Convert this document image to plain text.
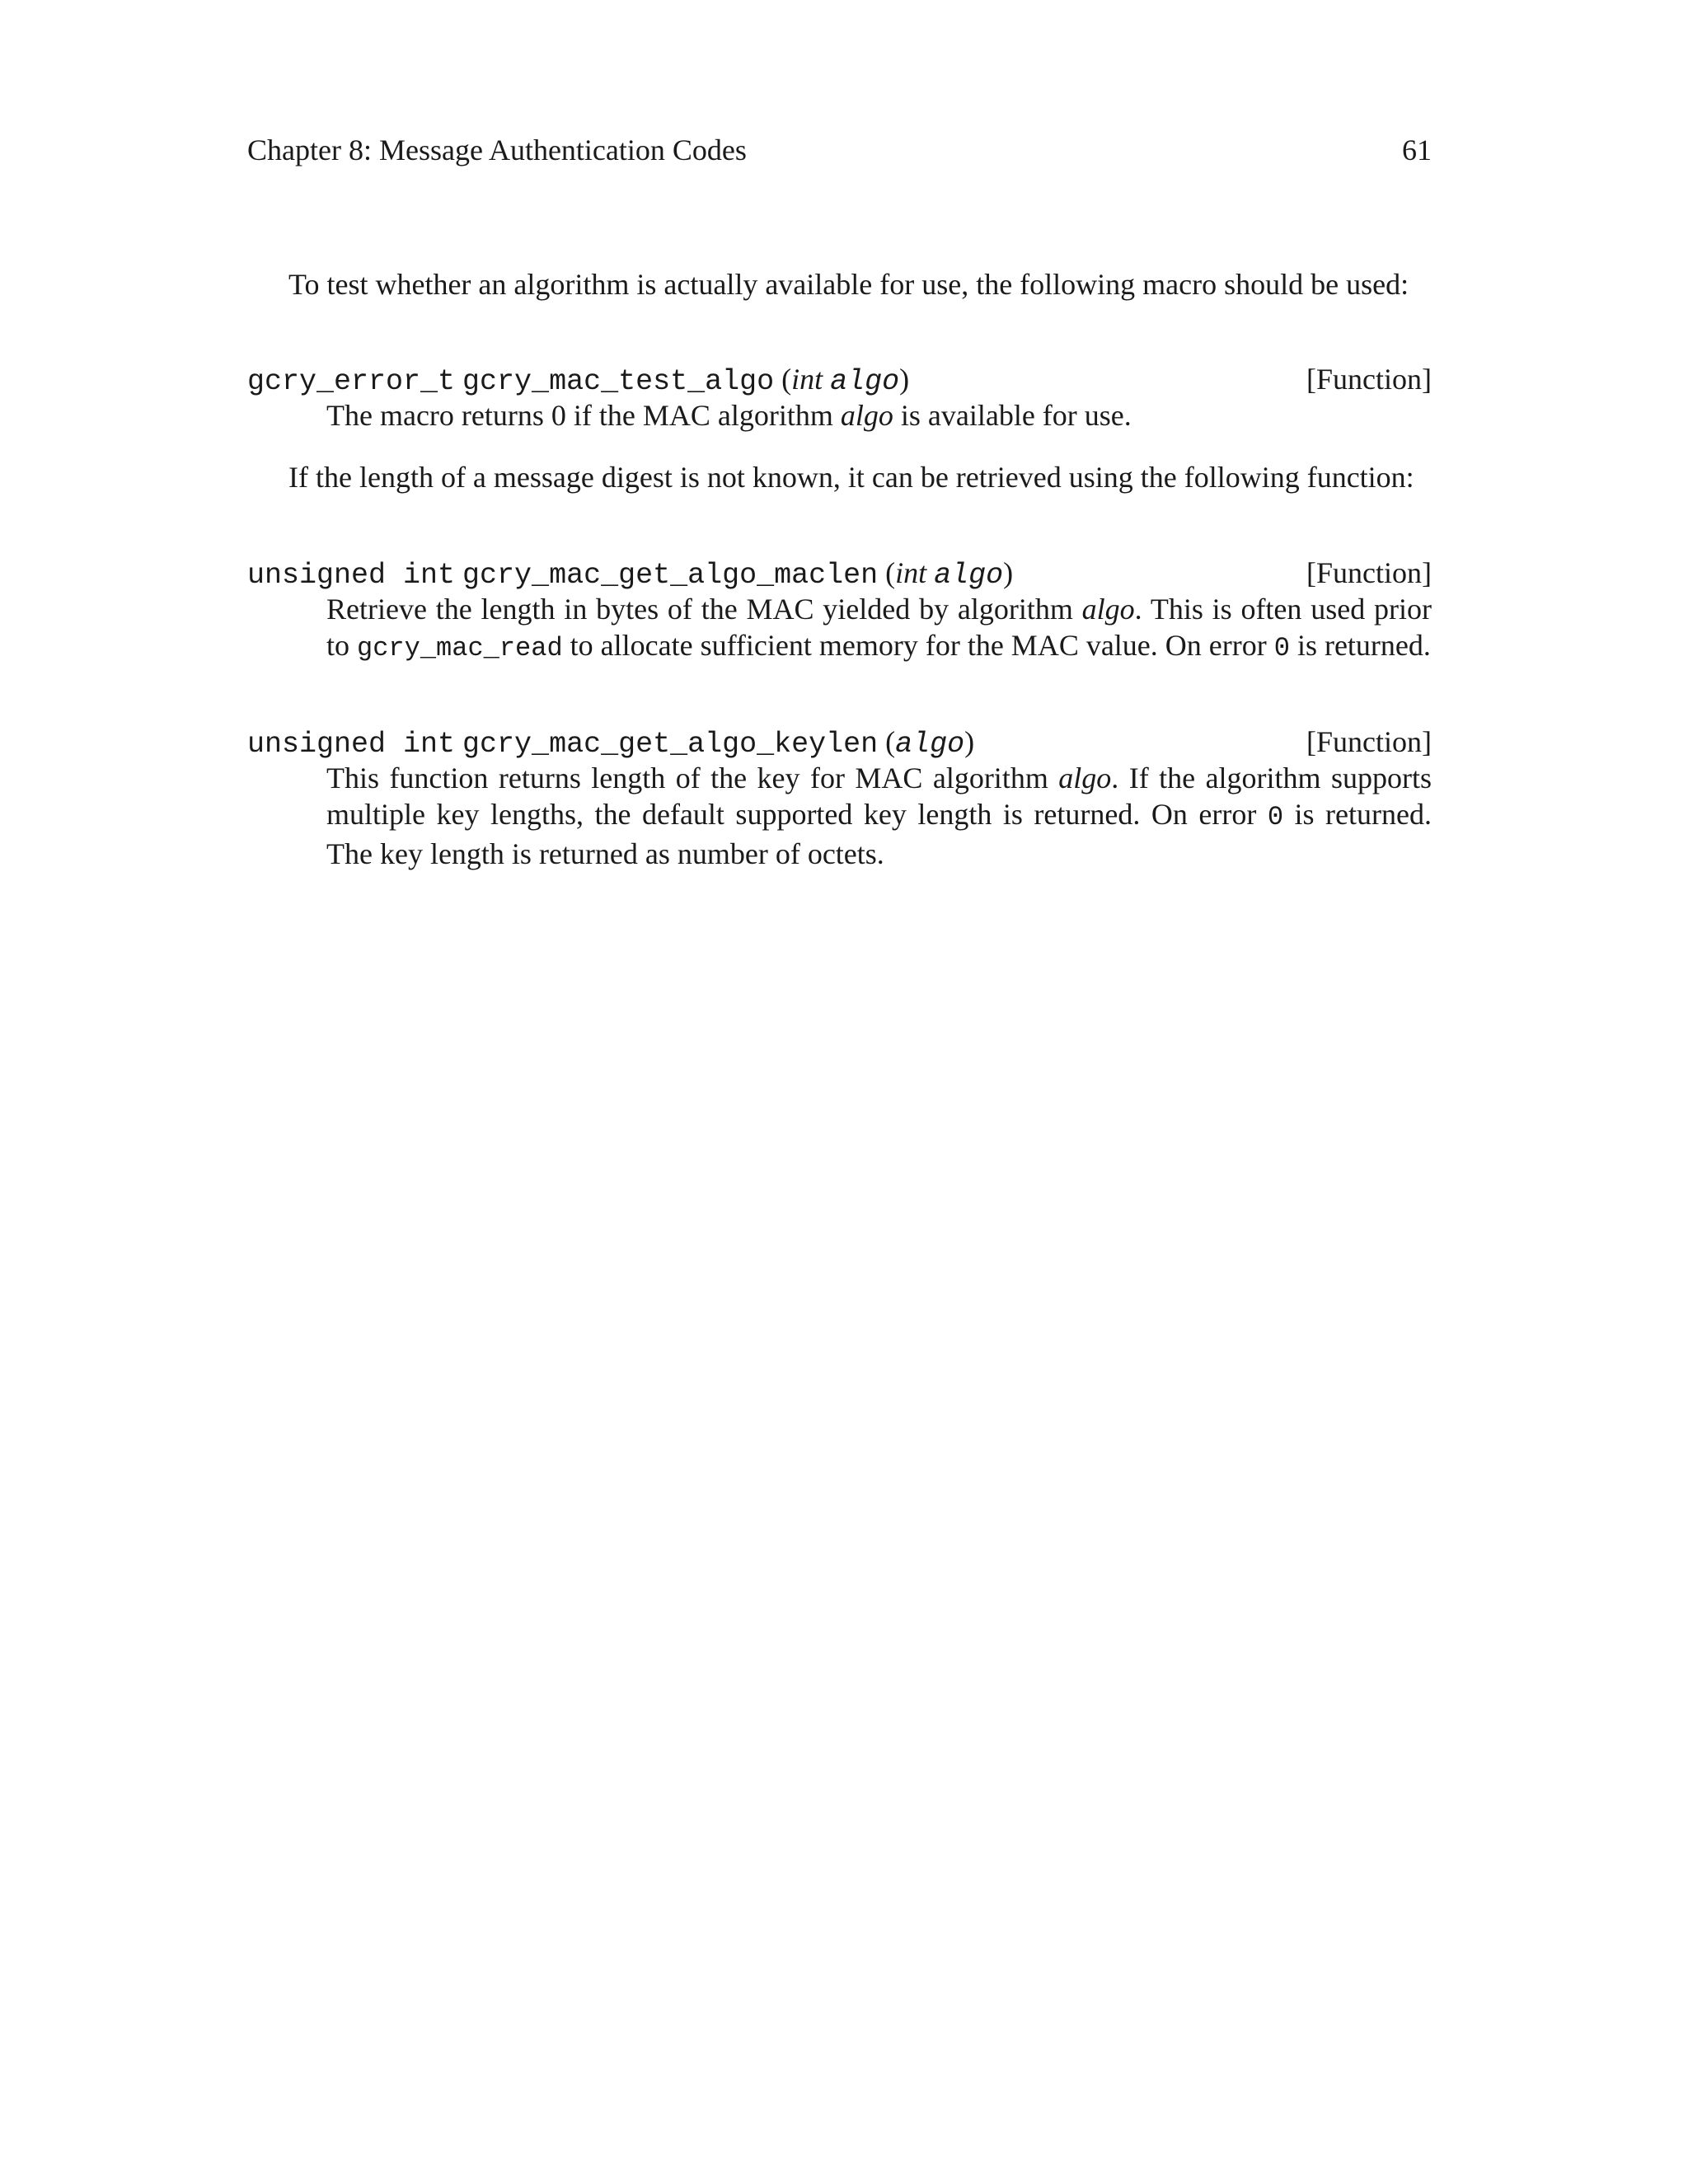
Chapter 8: Message Authentication Codes	61

To test whether an algorithm is actually available for use, the following macro should be used:

gcry_error_t gcry_mac_test_algo (int algo)	[Function]

The macro returns 0 if the MAC algorithm algo is available for use.

If the length of a message digest is not known, it can be retrieved using the following function:

unsigned int gcry_mac_get_algo_maclen (int algo)	[Function]

Retrieve the length in bytes of the MAC yielded by algorithm algo. This is often used prior to gcry_mac_read to allocate sufficient memory for the MAC value. On error 0 is returned.

unsigned int gcry_mac_get_algo_keylen (algo)	[Function]

This function returns length of the key for MAC algorithm algo. If the algorithm supports multiple key lengths, the default supported key length is returned. On error 0 is returned. The key length is returned as number of octets.
